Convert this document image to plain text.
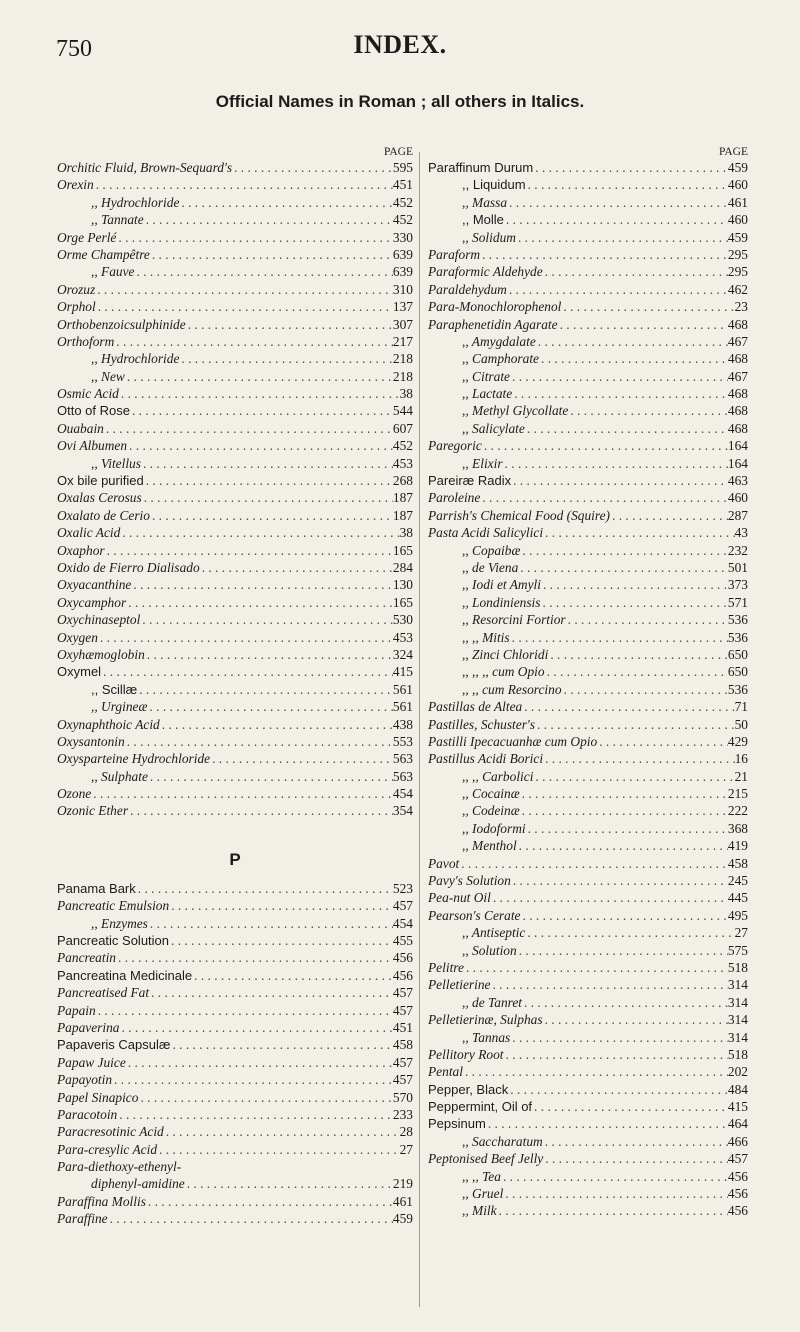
750	INDEX.
Official Names in Roman ; all others in Italics.
PAGE
Orchitic Fluid, Brown-Sequard's . . .	595
Orexin . . .	451
,, Hydrochloride . . .	452
,, Tannate . . .	452
Orge Perlé . . .	330
Orme Champêtre . . .	639
,, Fauve . . .	639
Orozuz . . .	310
Orphol . . .	137
Orthobenzoicsulphinide . . .	307
Orthoform . . .	217
,, Hydrochloride . . .	218
,, New . . .	218
Osmic Acid . . .	38
Otto of Rose . . .	544
Ouabain . . .	607
Ovi Albumen . . .	452
,, Vitellus . . .	453
Ox bile purified . . .	268
Oxalas Cerosus . . .	187
Oxalato de Cerio . . .	187
Oxalic Acid . . .	38
Oxaphor . . .	165
Oxido de Fierro Dialisado . . .	284
Oxyacanthine . . .	130
Oxycamphor . . .	165
Oxychinaseptol . . .	530
Oxygen . . .	453
Oxyhæmoglobin . . .	324
Oxymel . . .	415
,, Scillæ . . .	561
,, Urgineæ . . .	561
Oxynaphthoic Acid . . .	438
Oxysantonin . . .	553
Oxysparteine Hydrochloride . . .	563
,, Sulphate . . .	563
Ozone . . .	454
Ozonic Ether . . .	354
P
Panama Bark . . .	523
Pancreatic Emulsion . . .	457
,, Enzymes . . .	454
Pancreatic Solution . . .	455
Pancreatin . . .	456
Pancreatina Medicinale . . .	456
Pancreatised Fat . . .	457
Papain . . .	457
Papaverina . . .	451
Papaveris Capsulæ . . .	458
Papaw Juice . . .	457
Papayotin . . .	457
Papel Sinapico . . .	570
Paracotoin . . .	233
Paracresotinic Acid . . .	28
Para-cresylic Acid . . .	27
Para-diethoxy-ethenyl-
diphenyl-amidine . . .	219
Paraffina Mollis . . .	461
Paraffine . . .	459
PAGE
Paraffinum Durum . . .	459
,, Liquidum . . .	460
,, Massa . . .	461
,, Molle . . .	460
,, Solidum . . .	459
Paraform . . .	295
Paraformic Aldehyde . . .	295
Paraldehydum . . .	462
Para-Monochlorophenol . . .	23
Paraphenetidin Agarate . . .	468
,, Amygdalate . . .	467
,, Camphorate . . .	468
,, Citrate . . .	467
,, Lactate . . .	468
,, Methyl Glycollate . . .	468
,, Salicylate . . .	468
Paregoric . . .	164
,, Elixir . . .	164
Pareiræ Radix . . .	463
Paroleine . . .	460
Parrish's Chemical Food (Squire) . . .	287
Pasta Acidi Salicylici . . .	43
,, Copaibæ . . .	232
,, de Viena . . .	501
,, Iodi et Amyli . . .	373
,, Londiniensis . . .	571
,, Resorcini Fortior . . .	536
,, ,, Mitis . . .	536
,, Zinci Chloridi . . .	650
,, ,, ,, cum Opio . . .	650
,, ,, cum Resorcino . . .	536
Pastillas de Altea . . .	71
Pastilles, Schuster's . . .	50
Pastilli Ipecacuanhæ cum Opio . . .	429
Pastillus Acidi Borici . . .	16
,, ,, Carbolici . . .	21
,, Cocainæ . . .	215
,, Codeinæ . . .	222
,, Iodoformi . . .	368
,, Menthol . . .	419
Pavot . . .	458
Pavy's Solution . . .	245
Pea-nut Oil . . .	445
Pearson's Cerate . . .	495
,, Antiseptic . . .	27
,, Solution . . .	575
Pelitre . . .	518
Pelletierine . . .	314
,, de Tanret . . .	314
Pelletierinæ, Sulphas . . .	314
,, Tannas . . .	314
Pellitory Root . . .	518
Pental . . .	202
Pepper, Black . . .	484
Peppermint, Oil of . . .	415
Pepsinum . . .	464
,, Saccharatum . . .	466
Peptonised Beef Jelly . . .	457
,, ,, Tea . . .	456
,, Gruel . . .	456
,, Milk . . .	456
